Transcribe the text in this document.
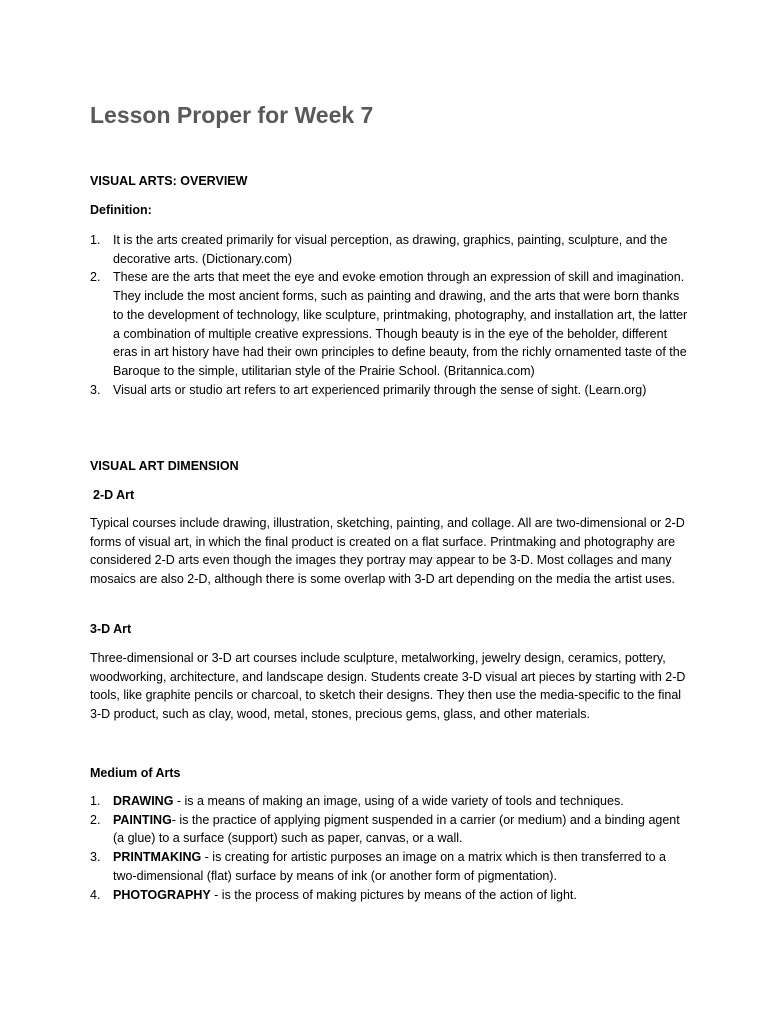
Lesson Proper for Week 7

VISUAL ARTS: OVERVIEW

Definition:

1. It is the arts created primarily for visual perception, as drawing, graphics, painting, sculpture, and the decorative arts. (Dictionary.com)
2. These are the arts that meet the eye and evoke emotion through an expression of skill and imagination. They include the most ancient forms, such as painting and drawing, and the arts that were born thanks to the development of technology, like sculpture, printmaking, photography, and installation art, the latter a combination of multiple creative expressions. Though beauty is in the eye of the beholder, different eras in art history have had their own principles to define beauty, from the richly ornamented taste of the Baroque to the simple, utilitarian style of the Prairie School. (Britannica.com)
3. Visual arts or studio art refers to art experienced primarily through the sense of sight. (Learn.org)

VISUAL ART DIMENSION

2-D Art

Typical courses include drawing, illustration, sketching, painting, and collage. All are two-dimensional or 2-D forms of visual art, in which the final product is created on a flat surface. Printmaking and photography are considered 2-D arts even though the images they portray may appear to be 3-D. Most collages and many mosaics are also 2-D, although there is some overlap with 3-D art depending on the media the artist uses.

3-D Art

Three-dimensional or 3-D art courses include sculpture, metalworking, jewelry design, ceramics, pottery, woodworking, architecture, and landscape design. Students create 3-D visual art pieces by starting with 2-D tools, like graphite pencils or charcoal, to sketch their designs. They then use the media-specific to the final 3-D product, such as clay, wood, metal, stones, precious gems, glass, and other materials.

Medium of Arts

1. DRAWING - is a means of making an image, using of a wide variety of tools and techniques.
2. PAINTING- is the practice of applying pigment suspended in a carrier (or medium) and a binding agent (a glue) to a surface (support) such as paper, canvas, or a wall.
3. PRINTMAKING - is creating for artistic purposes an image on a matrix which is then transferred to a two-dimensional (flat) surface by means of ink (or another form of pigmentation).
4. PHOTOGRAPHY - is the process of making pictures by means of the action of light.
